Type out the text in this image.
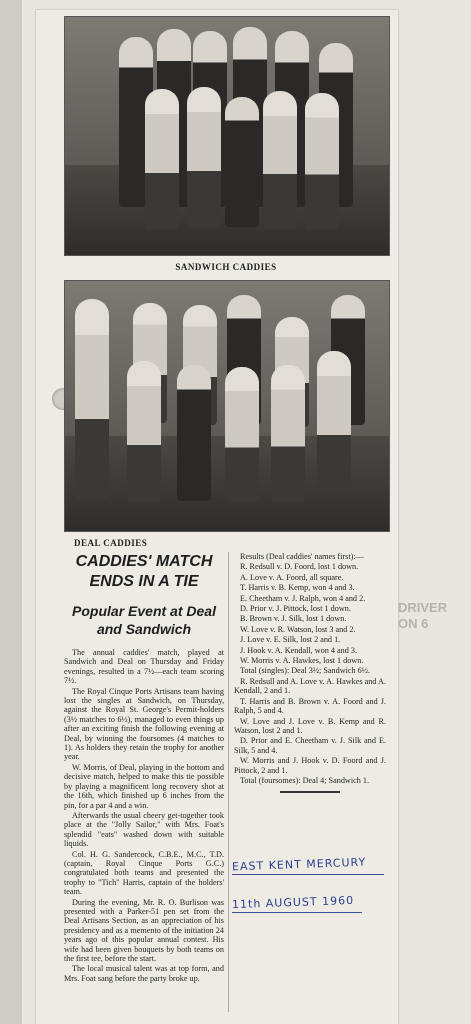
SANDWICH CADDIES
DEAL CADDIES
CADDIES' MATCH ENDS IN A TIE
Popular Event at Deal and Sandwich

The annual caddies' match, played at Sandwich and Deal on Thursday and Friday evenings, resulted in a 7½—each team scoring 7½.

The Royal Cinque Ports Artisans team having lost the singles at Sandwich, on Thursday, against the Royal St. George's Permit-holders (3½ matches to 6½), managed to even things up after an exciting finish the following evening at Deal, by winning the foursomes (4 matches to 1). As holders they retain the trophy for another year.

W. Morris, of Deal, playing in the bottom and decisive match, helped to make this tie possible by playing a magnificent long recovery shot at the 16th, which finished up 6 inches from the pin, for a par 4 and a win.

Afterwards the usual cheery get-together took place at the "Jolly Sailor," with Mrs. Foat's splendid "eats" washed down with suitable liquids.

Col. H. G. Sandercock, C.B.E., M.C., T.D. (captain, Royal Cinque Ports G.C.) congratulated both teams and presented the trophy to "Tich" Harris, captain of the holders' team.

During the evening, Mr. R. O. Burlison was presented with a Parker-51 pen set from the Deal Artisans Section, as an appreciation of his presidency and as a memento of the initiation 24 years ago of this popular annual contest. His wife had been given bouquets by both teams on the first tee, before the start.

The local musical talent was at top form, and Mrs. Foat sang before the party broke up.

Results (Deal caddies' names first):—

R. Redsull v. D. Foord, lost 1 down.

A. Love v. A. Foord, all square.

T. Harris v. B. Kemp, won 4 and 3.

E. Cheetham v. J. Ralph, won 4 and 2.

D. Prior v. J. Pittock, lost 1 down.

B. Brown v. J. Silk, lost 1 down.

W. Love v. R. Watson, lost 3 and 2.

J. Love v. E. Silk, lost 2 and 1.

J. Hook v. A. Kendall, won 4 and 3.

W. Morris v. A. Hawkes, lost 1 down.

Total (singles): Deal 3½; Sandwich 6½.

R. Redsull and A. Love v. A. Hawkes and A. Kendall, 2 and 1.

T. Harris and B. Brown v. A. Foord and J. Ralph, 5 and 4.

W. Love and J. Love v. B. Kemp and R. Watson, lost 2 and 1.

D. Prior and E. Cheetham v. J. Silk and E. Silk, 5 and 4.

W. Morris and J. Hook v. D. Foord and J. Pittock, 2 and 1.

Total (foursomes): Deal 4; Sandwich 1.

EAST KENT MERCURY
11th AUGUST 1960
DRIVER
ON 6
